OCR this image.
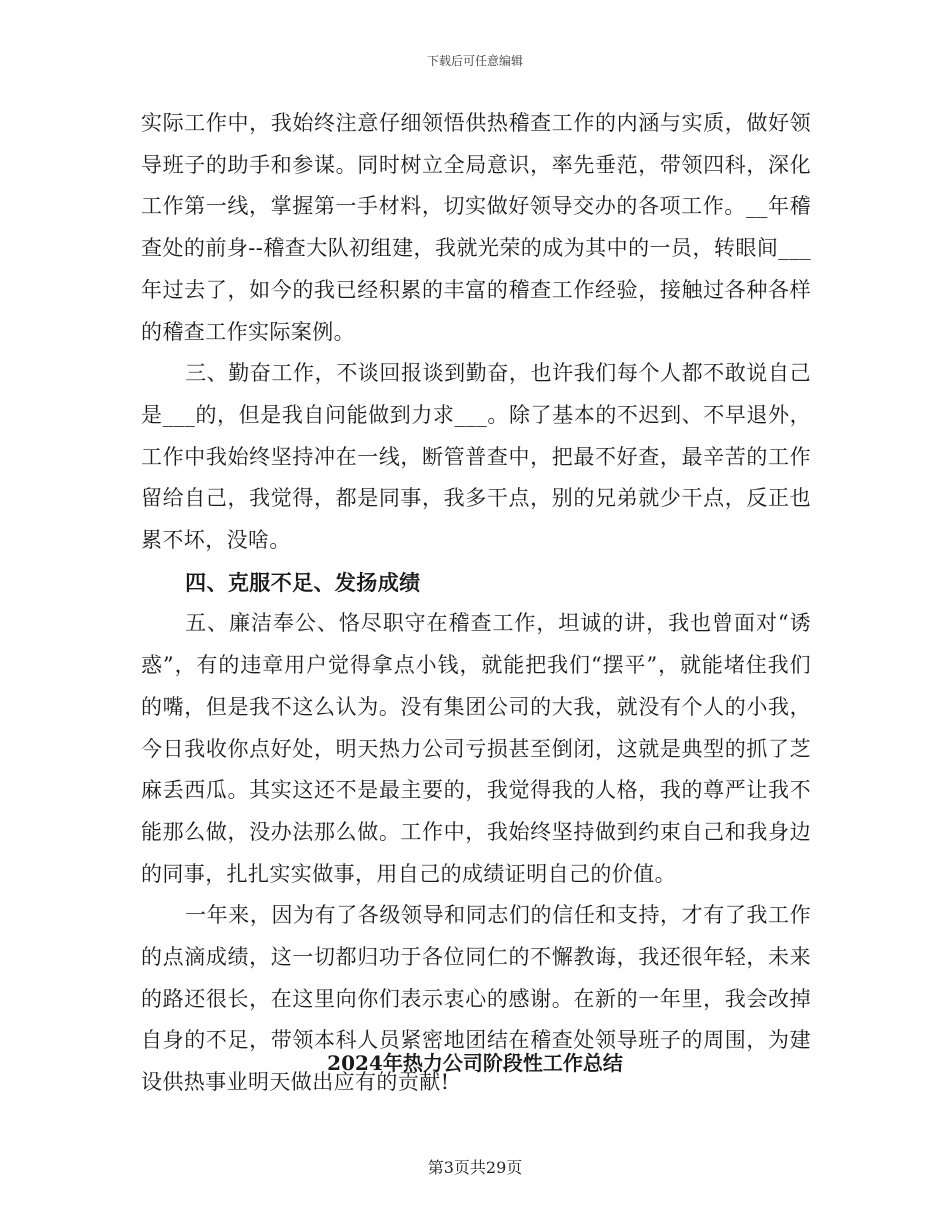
下载后可任意编辑

实际工作中，我始终注意仔细领悟供热稽查工作的内涵与实质，做好领导班子的助手和参谋。同时树立全局意识，率先垂范，带领四科，深化工作第一线，掌握第一手材料，切实做好领导交办的各项工作。__年稽查处的前身--稽查大队初组建，我就光荣的成为其中的一员，转眼间___年过去了，如今的我已经积累的丰富的稽查工作经验，接触过各种各样的稽查工作实际案例。

三、勤奋工作，不谈回报谈到勤奋，也许我们每个人都不敢说自己是___的，但是我自问能做到力求___。除了基本的不迟到、不早退外，工作中我始终坚持冲在一线，断管普查中，把最不好查，最辛苦的工作留给自己，我觉得，都是同事，我多干点，别的兄弟就少干点，反正也累不坏，没啥。

四、克服不足、发扬成绩

五、廉洁奉公、恪尽职守在稽查工作，坦诚的讲，我也曾面对“诱惑”，有的违章用户觉得拿点小钱，就能把我们“摆平”，就能堵住我们的嘴，但是我不这么认为。没有集团公司的大我，就没有个人的小我，今日我收你点好处，明天热力公司亏损甚至倒闭，这就是典型的抓了芝麻丢西瓜。其实这还不是最主要的，我觉得我的人格，我的尊严让我不能那么做，没办法那么做。工作中，我始终坚持做到约束自己和我身边的同事，扎扎实实做事，用自己的成绩证明自己的价值。

一年来，因为有了各级领导和同志们的信任和支持，才有了我工作的点滴成绩，这一切都归功于各位同仁的不懈教诲，我还很年轻，未来的路还很长，在这里向你们表示衷心的感谢。在新的一年里，我会改掉自身的不足，带领本科人员紧密地团结在稽查处领导班子的周围，为建设供热事业明天做出应有的贡献!

2024年热力公司阶段性工作总结
第3页共29页
